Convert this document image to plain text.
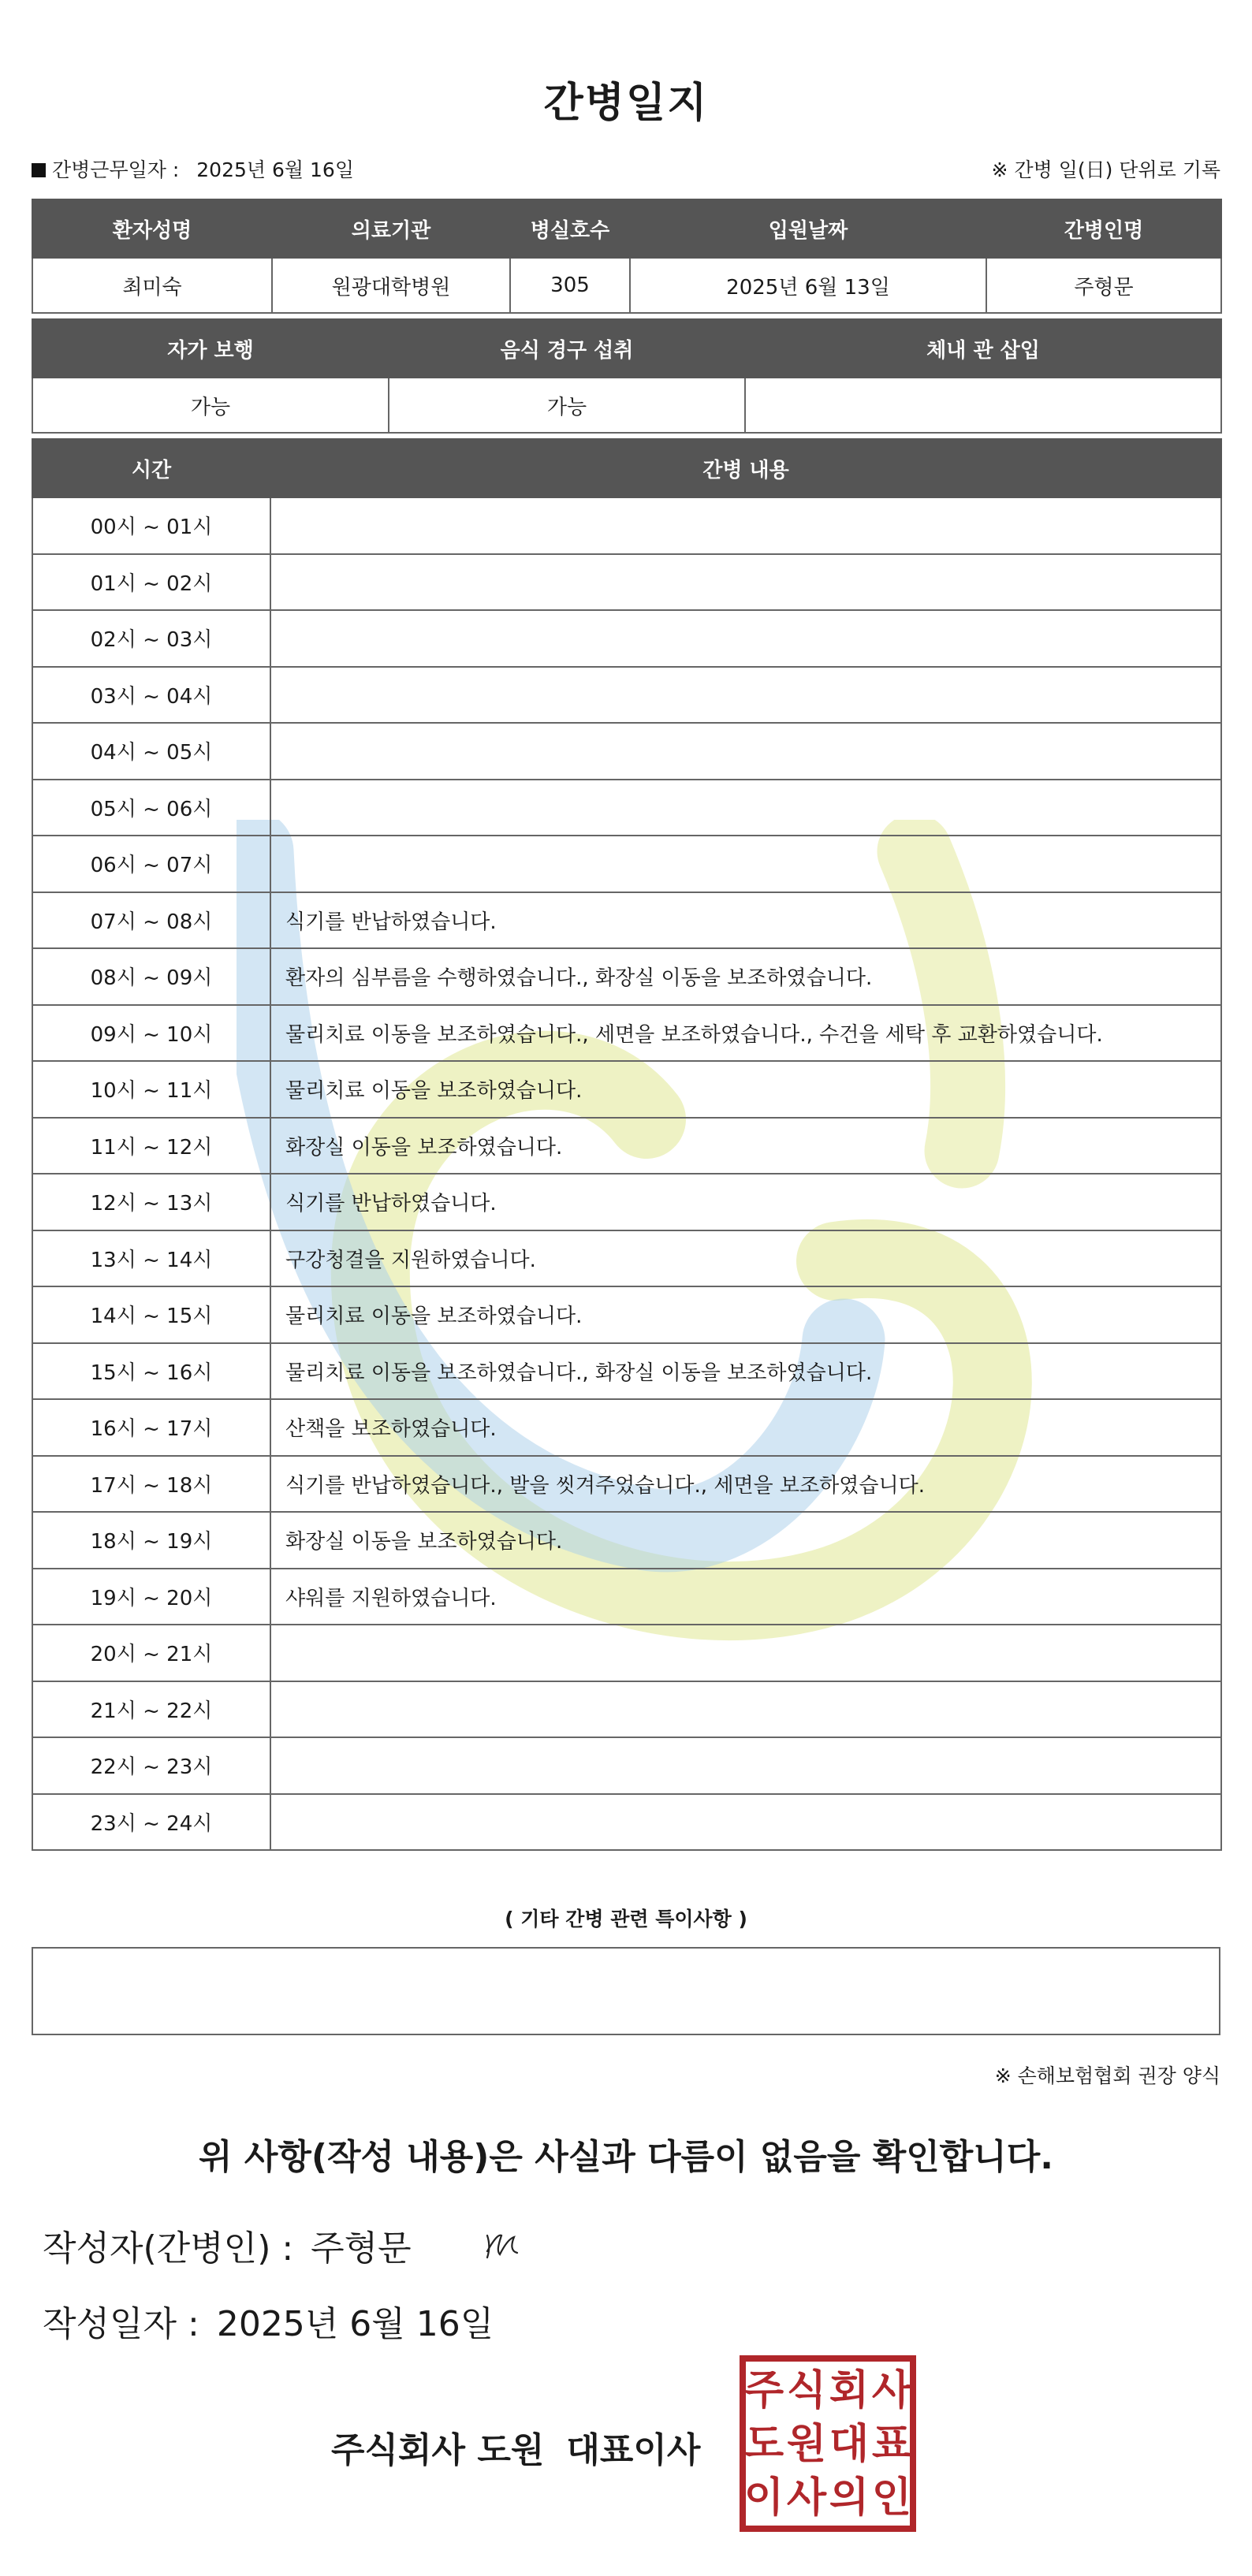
간병일지
간병근무일자 : 2025년 6월 16일	※ 간병 일(日) 단위로 기록
환자성명	의료기관	병실호수	입원날짜	간병인명
최미숙	원광대학병원	305	2025년 6월 13일	주형문
자가 보행	음식 경구 섭취	체내 관 삽입
가능	가능	
시간	간병 내용
00시 ~ 01시	
01시 ~ 02시	
02시 ~ 03시	
03시 ~ 04시	
04시 ~ 05시	
05시 ~ 06시	
06시 ~ 07시	
07시 ~ 08시	식기를 반납하였습니다.
08시 ~ 09시	환자의 심부름을 수행하였습니다., 화장실 이동을 보조하였습니다.
09시 ~ 10시	물리치료 이동을 보조하였습니다., 세면을 보조하였습니다., 수건을 세탁 후 교환하였습니다.
10시 ~ 11시	물리치료 이동을 보조하였습니다.
11시 ~ 12시	화장실 이동을 보조하였습니다.
12시 ~ 13시	식기를 반납하였습니다.
13시 ~ 14시	구강청결을 지원하였습니다.
14시 ~ 15시	물리치료 이동을 보조하였습니다.
15시 ~ 16시	물리치료 이동을 보조하였습니다., 화장실 이동을 보조하였습니다.
16시 ~ 17시	산책을 보조하였습니다.
17시 ~ 18시	식기를 반납하였습니다., 발을 씻겨주었습니다., 세면을 보조하였습니다.
18시 ~ 19시	화장실 이동을 보조하였습니다.
19시 ~ 20시	샤워를 지원하였습니다.
20시 ~ 21시	
21시 ~ 22시	
22시 ~ 23시	
23시 ~ 24시	
( 기타 간병 관련 특이사항 )
※ 손해보험협회 권장 양식
위 사항(작성 내용)은 사실과 다름이 없음을 확인합니다.
작성자(간병인) : 주형문
작성일자 : 2025년 6월 16일
주식회사 도원 대표이사
주 식 회 사
도 원 대 표
이 사 의 인
